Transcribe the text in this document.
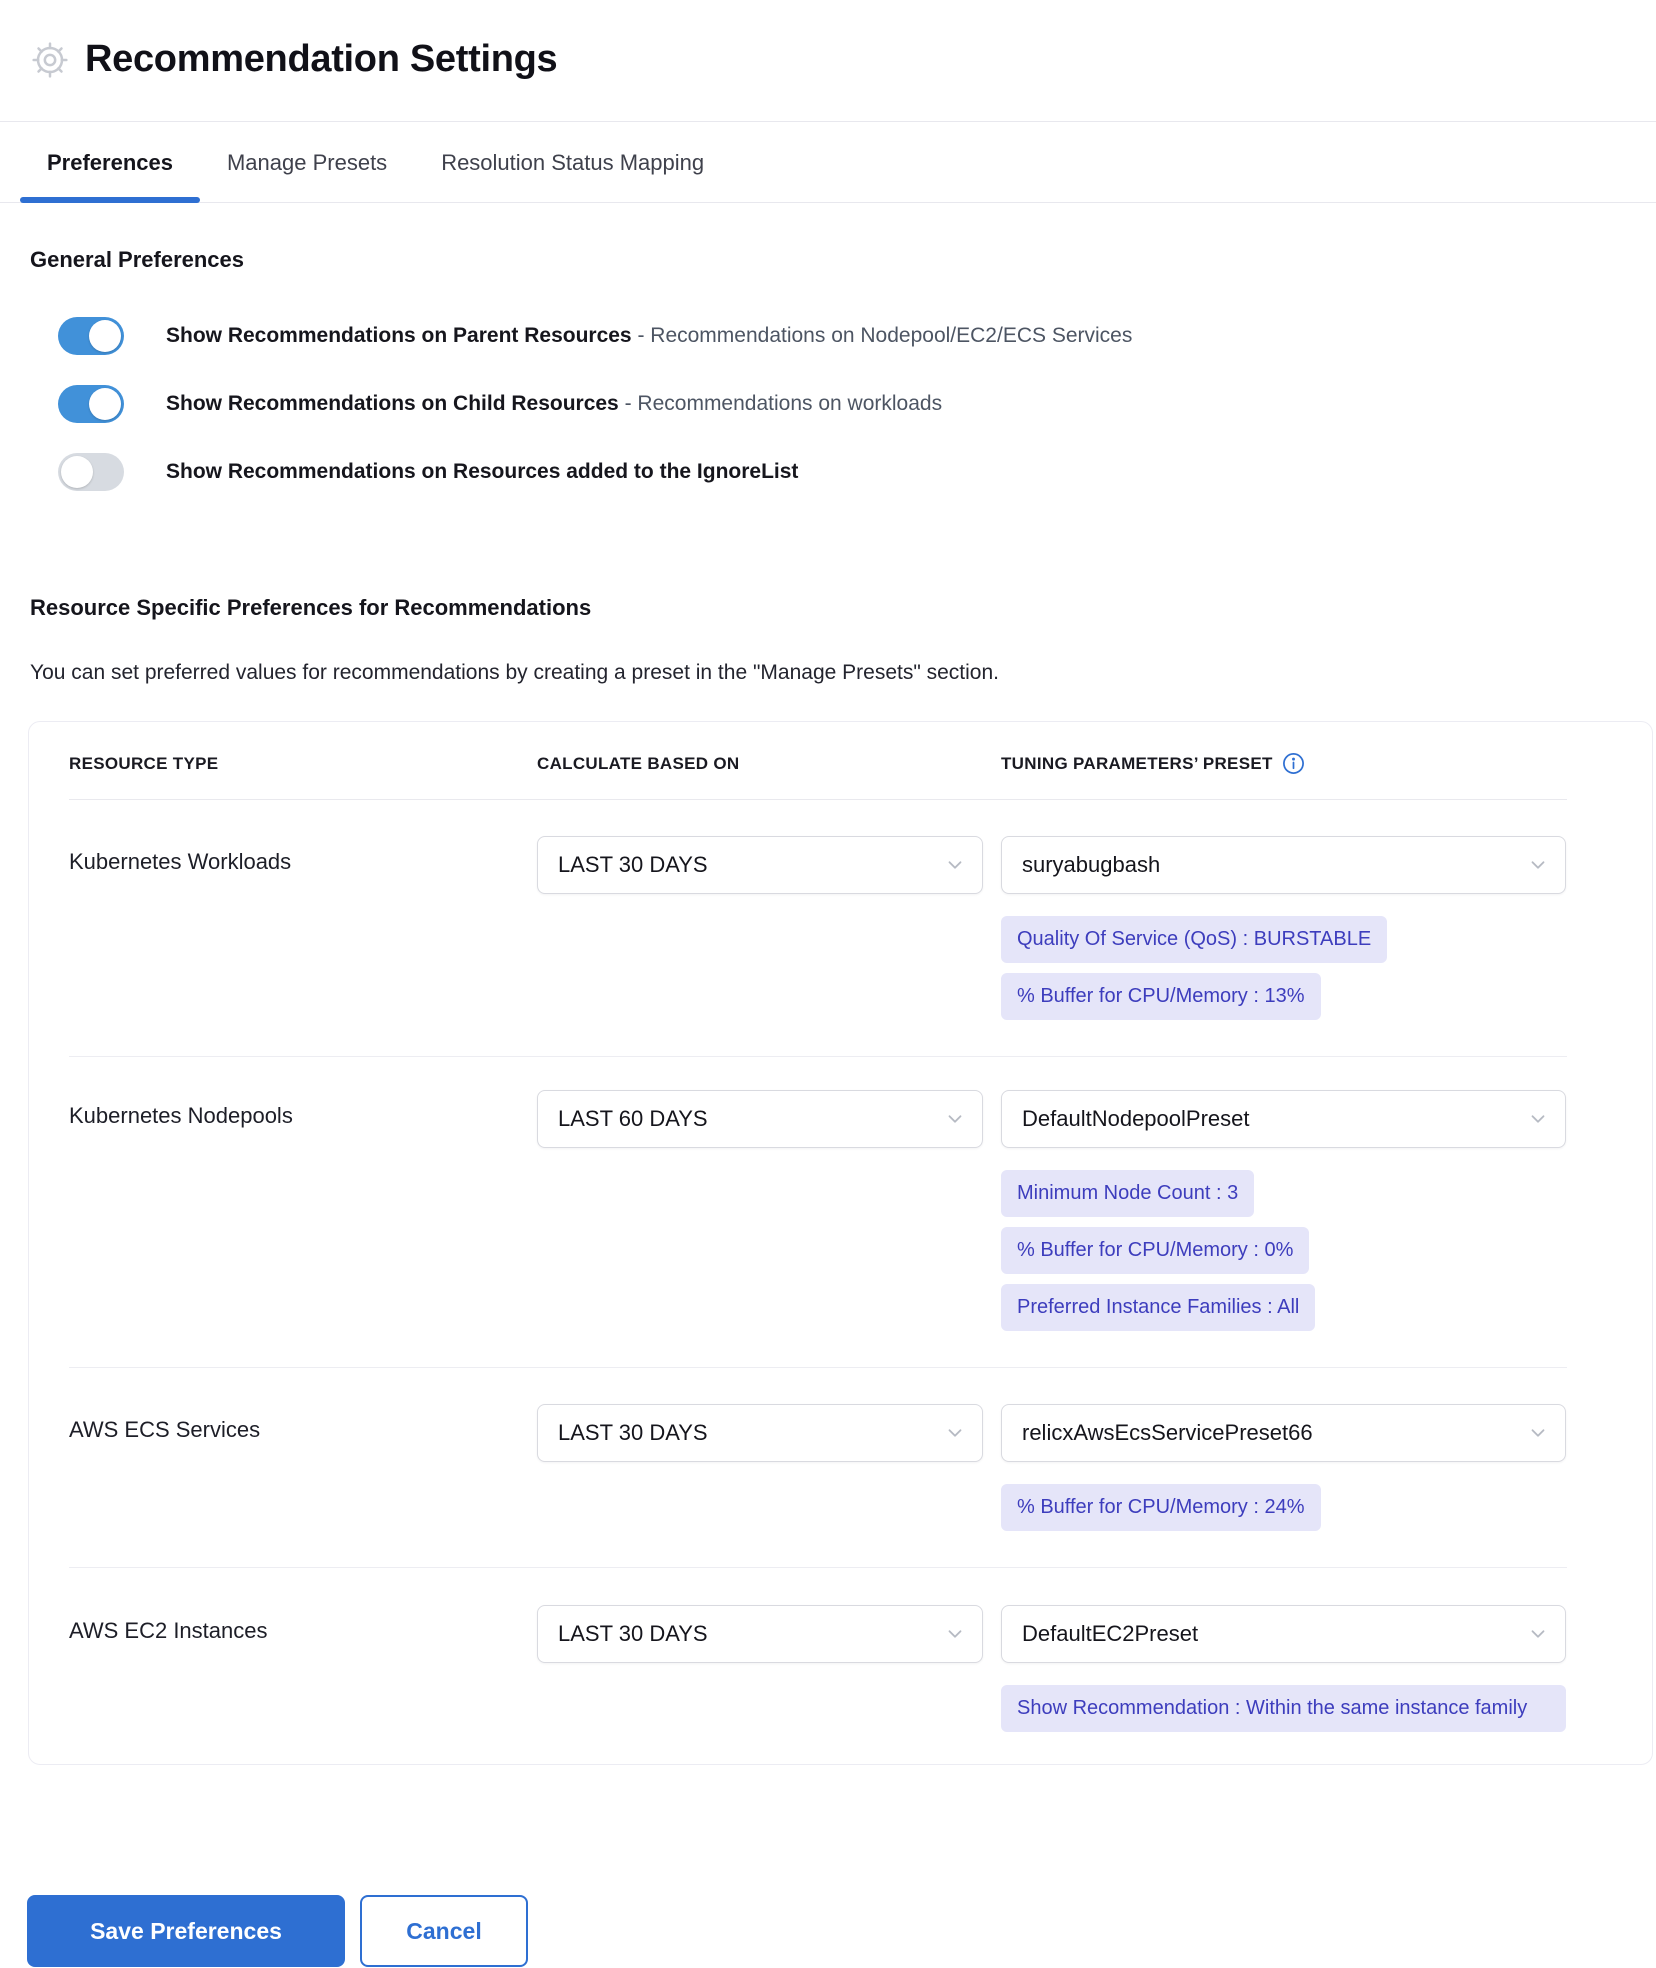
Recommendation Settings
Preferences	Manage Presets	Resolution Status Mapping
General Preferences
Show Recommendations on Parent Resources - Recommendations on Nodepool/EC2/ECS Services
Show Recommendations on Child Resources - Recommendations on workloads
Show Recommendations on Resources added to the IgnoreList
Resource Specific Preferences for Recommendations

You can set preferred values for recommendations by creating a preset in the "Manage Presets" section.

RESOURCE TYPE	CALCULATE BASED ON	TUNING PARAMETERS’ PRESET
Kubernetes Workloads	LAST 30 DAYS	suryabugbash
Quality Of Service (QoS) : BURSTABLE
% Buffer for CPU/Memory : 13%
Kubernetes Nodepools	LAST 60 DAYS	DefaultNodepoolPreset
Minimum Node Count : 3
% Buffer for CPU/Memory : 0%
Preferred Instance Families : All
AWS ECS Services	LAST 30 DAYS	relicxAwsEcsServicePreset66
% Buffer for CPU/Memory : 24%
AWS EC2 Instances	LAST 30 DAYS	DefaultEC2Preset
Show Recommendation : Within the same instance family
Save Preferences	Cancel
